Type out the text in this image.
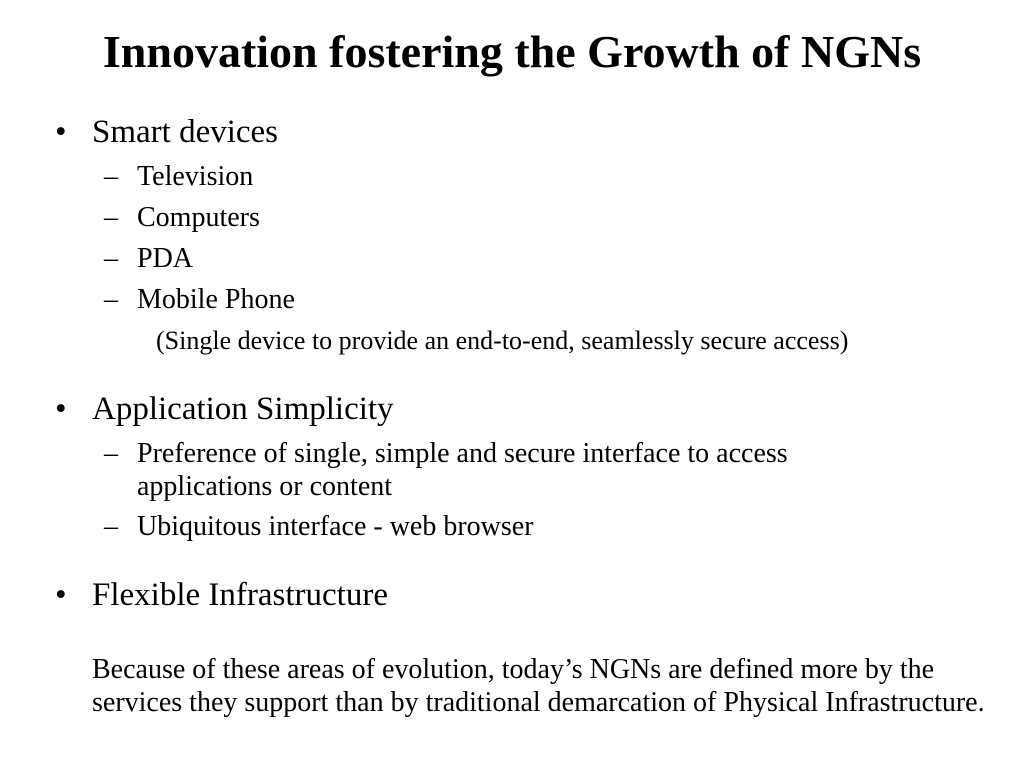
Innovation fostering the Growth of NGNs
• Smart devices
– Television
– Computers
– PDA
– Mobile Phone
(Single device to provide an end-to-end, seamlessly secure access)
• Application Simplicity
– Preference of single, simple and secure interface to access
applications or content
– Ubiquitous interface - web browser
• Flexible Infrastructure
Because of these areas of evolution, today’s NGNs are defined more by the services they support than by traditional demarcation of Physical Infrastructure.
